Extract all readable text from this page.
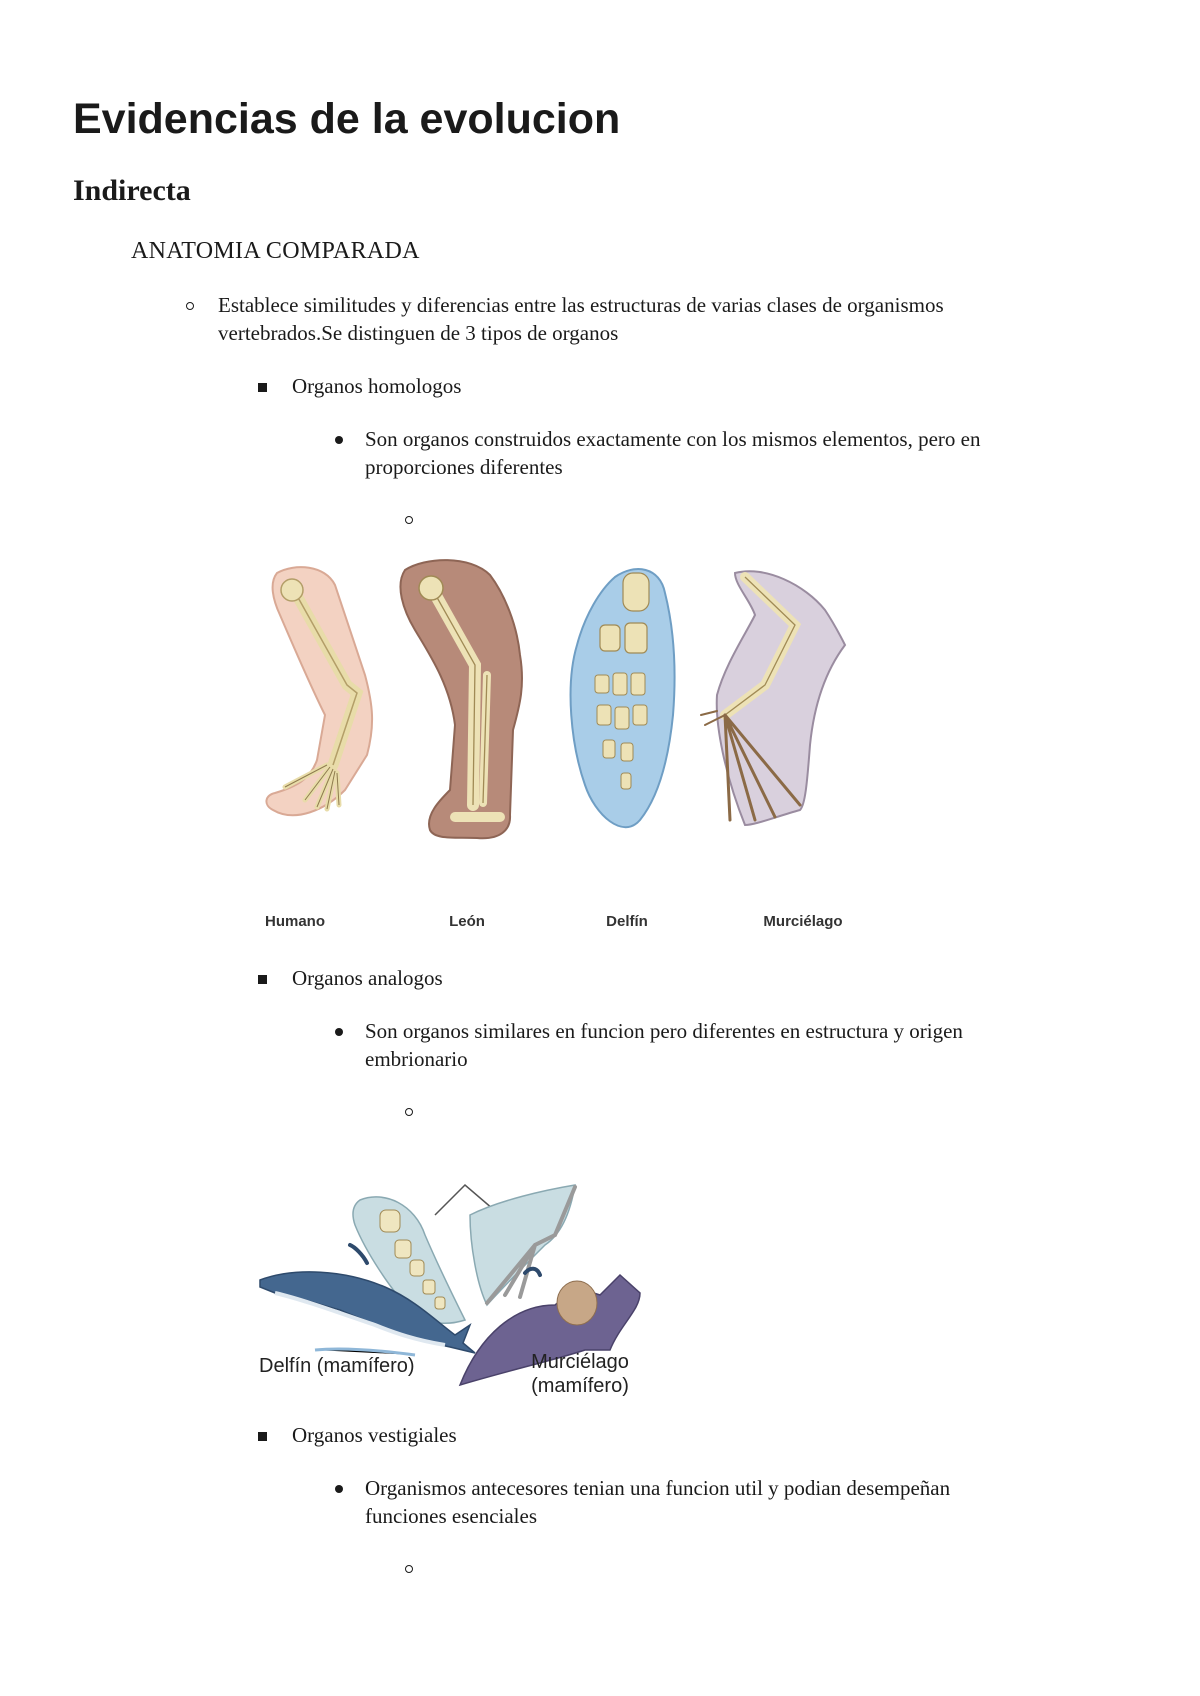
Evidencias de la evolucion
Indirecta
ANATOMIA COMPARADA

Establece similitudes y diferencias entre las estructuras de varias clases de organismos

vertebrados.Se distinguen de 3 tipos de organos

Organos homologos

Son organos construidos exactamente con los mismos elementos, pero en

proporciones diferentes

Humano	León	Delfín	Murciélago

Organos analogos

Son organos similares en funcion pero diferentes en estructura y origen

embrionario

Delfín (mamífero)	Murciélago
(mamífero)

Organos vestigiales

Organismos antecesores tenian una funcion util y podian desempeñan

funciones esenciales
